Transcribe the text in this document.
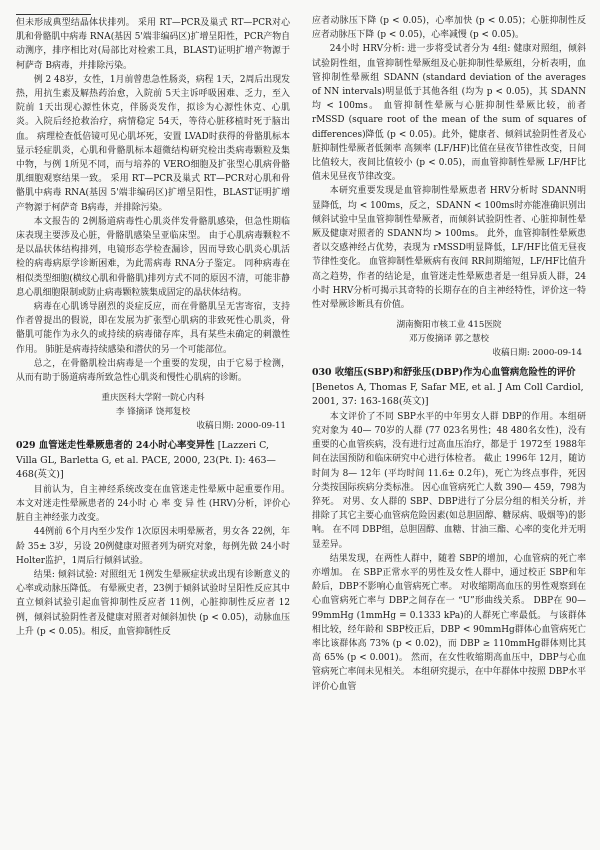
但未形成典型结晶体状排列。 采用 RT—PCR及巢式 RT—PCR对心肌和骨骼肌中病毒 RNA(基因 5'端非编码区)扩增呈阳性，PCR产物自动测序，排序相比对(局部比对检索工具，BLAST)证明扩增产物源于柯萨奇 B病毒，并排除污染。

例 2 48岁，女性，1月前曾患急性肠炎，病程 1天，2周后出现发热，用抗生素及解热药治愈，入院前 5天主诉呼吸困难、乏力，至入院前 1天出现心源性休克，伴肠炎发作，拟诊为心源性休克、心肌炎。入院后经抢救治疗，病情稳定 54天，等待心脏移植时死于脑出血。 病理检查低倍镜可见心肌坏死，安置 LVAD时获得的骨骼肌标本显示轻症肌炎，心肌和骨骼肌标本超微结构研究检出类病毒颗粒及集中物，与例 1所见不同，而与培养的 VERO细胞及扩张型心肌病骨骼肌细胞观察结果一致。 采用 RT—PCR及巢式 RT—PCR对心肌和骨骼肌中病毒 RNA(基因 5'端非编码区)扩增呈阳性，BLAST证明扩增产物源于柯萨奇 B病毒，并排除污染。

本文报告的 2例肠道病毒性心肌炎伴发骨骼肌感染，但急性期临床表现主要涉及心脏，骨骼肌感染呈亚临床型。 由于心肌病毒颗粒不是以晶状体结构排列，电镜形态学检查漏诊，因而导致心肌炎心肌活检的病毒病原学诊断困难，为此需病毒 RNA分子鉴定。 同种病毒在相似类型细胞(横纹心肌和骨骼肌)排列方式不同的原因不清，可能非静息心肌细胞限制或防止病毒颗粒簇集成固定的晶状体结构。

病毒在心肌诱导剧烈的炎症反应，而在骨骼肌呈无害寄宿，支持作者曾提出的假说，即在发展为扩张型心肌病的非致死性心肌炎，骨骼肌可能作为永久的或持续的病毒储存库，具有某些未确定的刺激性作用。 肺脏是病毒持续感染和潜伏的另一个可能部位。

总之，在骨骼肌检出病毒是一个重要的发现，由于它易于检测，从而有助于肠道病毒所致急性心肌炎和慢性心肌病的诊断。

重庆医科大学附一院心内科
李 锋摘译 饶邦复校
收稿日期: 2000-09-11
029 血管迷走性晕厥患者的 24小时心率变异性 [Lazzeri C, Villa GL, Barletta G, et al. PACE, 2000, 23(Pt. I): 463— 468(英文)]

目前认为，自主神经系统改变在血管迷走性晕厥中起重要作用。本文对迷走性晕厥患者的 24小时 心 率 变 异 性 (HRV)分析，评价心脏自主神经张力改变。

44例前 6个月内至少发作 1次原因未明晕厥者，男女各 22例，年龄 35± 3岁，另设 20例健康对照者列为研究对象，每例先做 24小时 Holter监护，1周后行倾斜试验。

结果: 倾斜试验: 对照组无 1例发生晕厥症状或出现有诊断意义的心率或动脉压降低。 有晕厥史者，23例于倾斜试验时呈阳性反应其中直立倾斜试验引起血管抑制性反应者 11例，心脏抑制性反应者 12例，倾斜试验阴性者及健康对照者对倾斜加快 (p < 0.05)，动脉血压上升 (p < 0.05)。相反，血管抑制性反

应者动脉压下降 (p < 0.05)，心率加快 (p < 0.05)；心脏抑制性反应者动脉压下降 (p < 0.05)，心率减慢 (p < 0.05)。

24小时 HRV分析: 进一步将受试者分为 4组: 健康对照组，倾斜试验阴性组，血管抑制性晕厥组及心脏抑制性晕厥组，分析表明，血管抑制性晕厥组 SDANN (standard deviation of the averages of NN intervals)明显低于其他各组 (均为 p < 0.05)，其 SDANN均 < 100ms。 血管抑制性晕厥与心脏抑制性晕厥比较，前者 rMSSD (square root of the mean of the sum of squares of differences)降低 (p < 0.05)。此外，健康者、倾斜试验阴性者及心脏抑制性晕厥者低频率 高频率 (LF/HF)比值在昼夜节律性改变，日间比值较大，夜间比值较小 (p < 0.05)，而血管抑制性晕厥 LF/HF比值未见昼夜节律改变。

本研究重要发现是血管抑制性晕厥患者 HRV分析时 SDANN明显降低，均 < 100ms，反之，SDANN < 100ms时亦能准确识别出倾斜试验中呈血管抑制性晕厥者，而倾斜试验阴性者、心脏抑制性晕厥及健康对照者的 SDANN均 > 100ms。 此外，血管抑制性晕厥患者以交感神经占优势，表现为 rMSSD明显降低，LF/HF比值无昼夜节律性变化。 血管抑制性晕厥病有夜间 RR间期缩短，LF/HF比值升高之趋势，作者的结论是，血管迷走性晕厥患者是一组异质人群，24小时 HRV分析可揭示其奇特的长期存在的自主神经特性，评价这一特性对晕厥诊断具有价值。

湖南衡阳市核工业 415医院
邓万俊摘译 郭之慧校
收稿日期: 2000-09-14
030 收缩压(SBP)和舒张压(DBP)作为心血管病危险性的评价 [Benetos A, Thomas F, Safar ME, et al. J Am Coll Cardiol, 2001, 37: 163-168(英文)]

本文评价了不同 SBP水平的中年男女人群 DBP的作用。本组研究对象为 40— 70岁的人群 (77 023名男性；48 480名女性)，没有重要的心血管疾病，没有进行过高血压治疗，都是于 1972至 1988年间在法国预防和临床研究中心进行体检者。 截止 1996年 12月，随访时间为 8— 12年 (平均时间 11.6± 0.2年)，死亡为终点事件，死因分类按国际疾病分类标准。 因心血管病死亡人数 390— 459，798为猝死。 对男、女人群的 SBP、DBP进行了分层分组的相关分析，并排除了其它主要心血管病危险因素(如总胆固醇、糖尿病、吸烟等)的影响。 在不同 DBP组，总胆固醇、血糖、甘油三酯、心率的变化并无明显差异。

结果发现，在两性人群中，随着 SBP的增加，心血管病的死亡率亦增加。 在 SBP正常水平的男性及女性人群中，通过校正 SBP和年龄后，DBP不影响心血管病死亡率。 对收缩期高血压的男性观察到在心血管病死亡率与 DBP之间存在一 “U”形曲线关系。 DBP在 90— 99mmHg (1mmHg = 0.1333 kPa)的人群死亡率最低。 与该群体相比较，经年龄和 SBP校正后，DBP < 90mmHg群体心血管病死亡率比该群体高 73% (p < 0.02)，而 DBP ≥ 110mmHg群体则比其高 65% (p < 0.001)。 然而，在女性收缩期高血压中，DBP与心血管病死亡率间未见相关。 本组研究提示，在中年群体中按照 DBP水平评价心血管
